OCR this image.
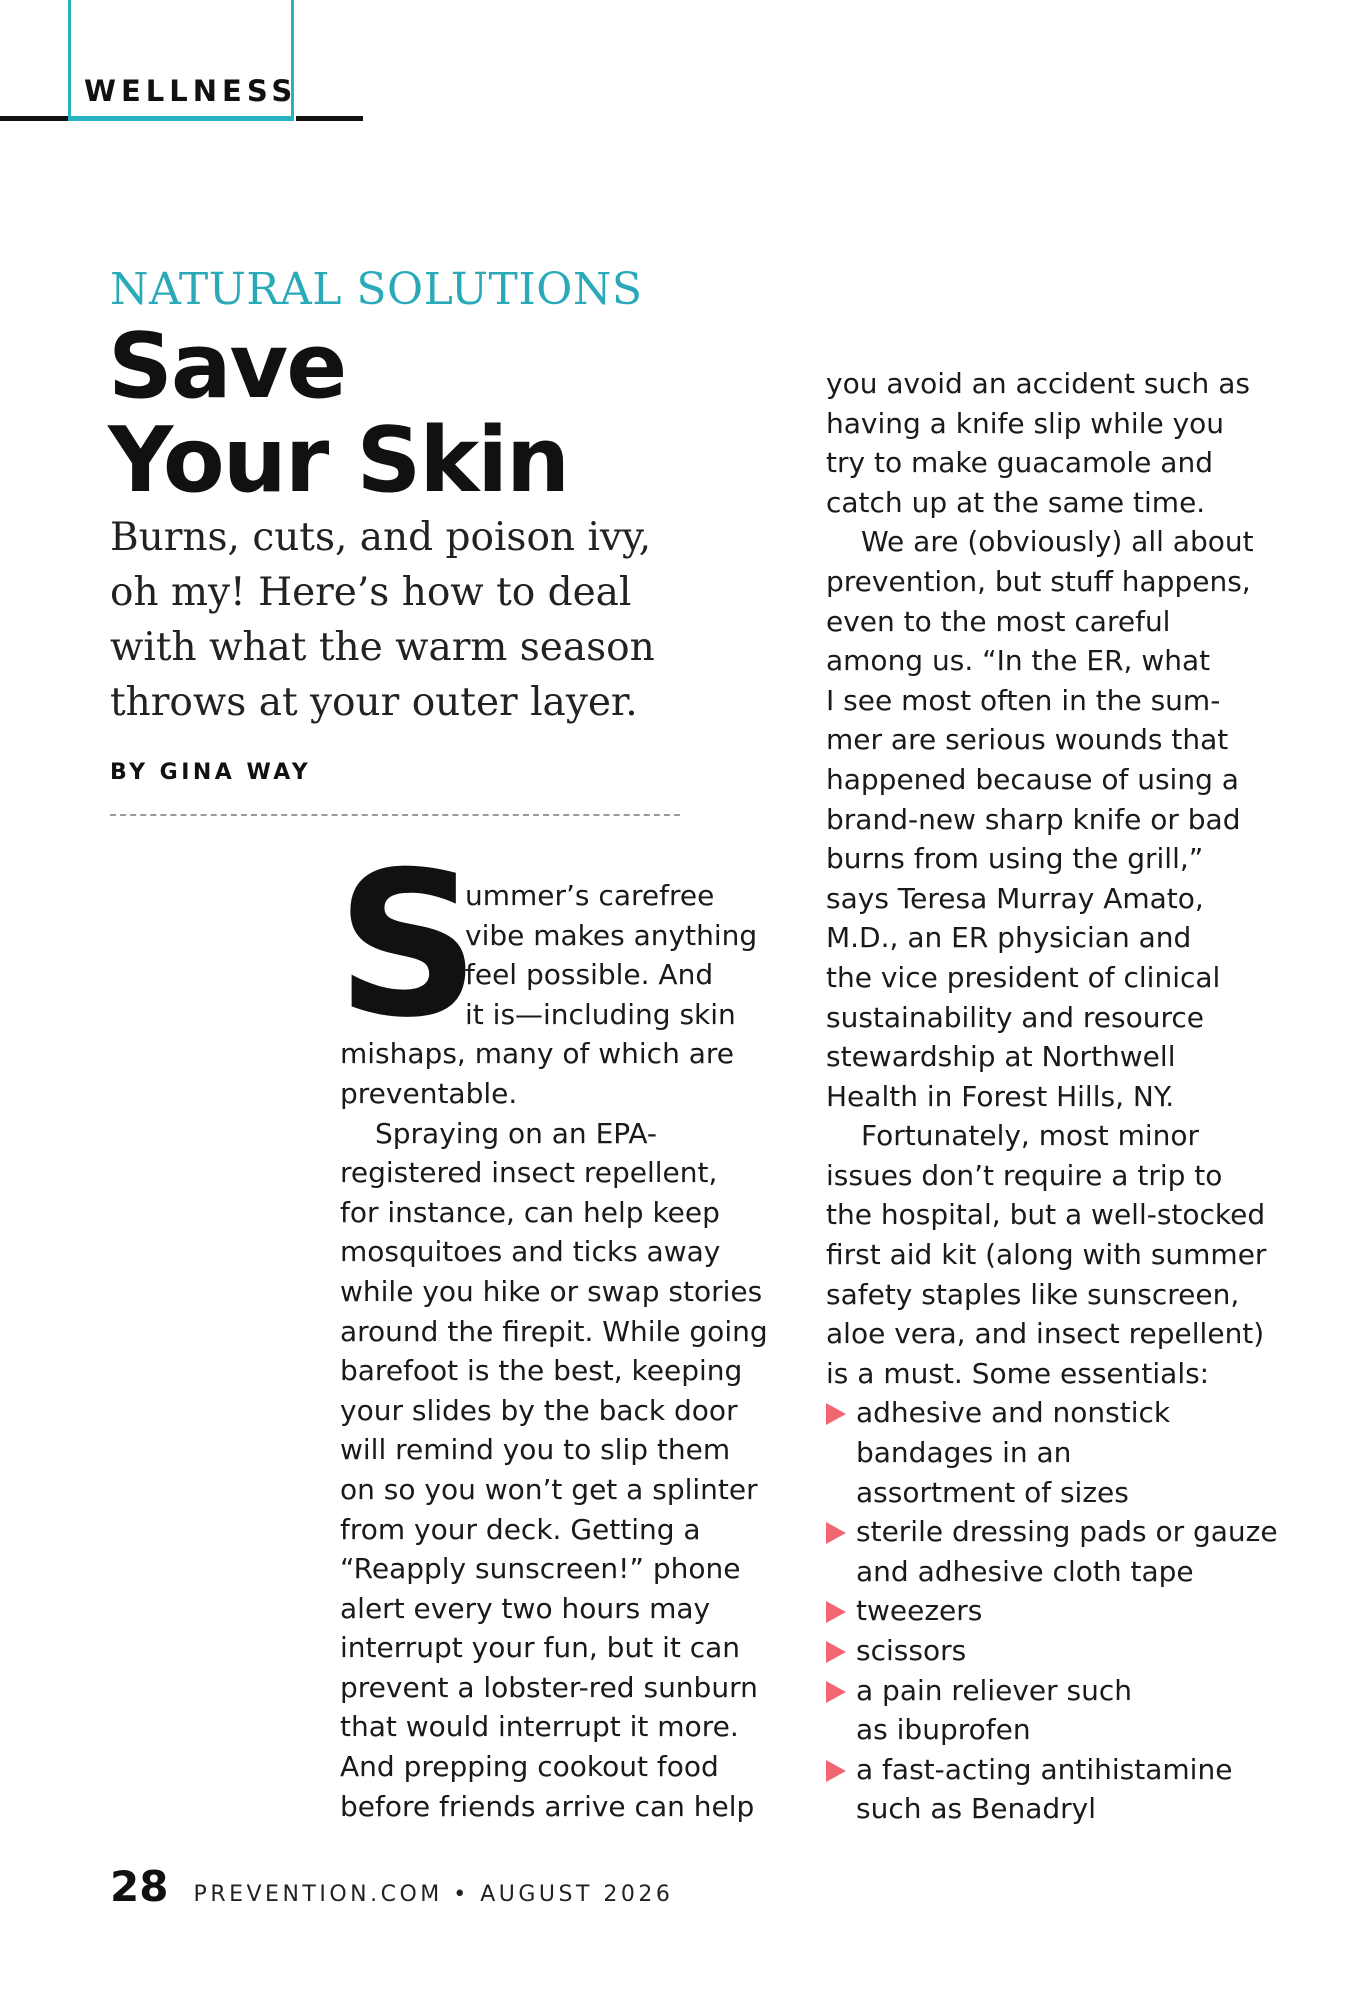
WELLNESS
NATURAL SOLUTIONS
Save
Your Skin

Burns, cuts, and poison ivy,
oh my! Here’s how to deal
with what the warm season
throws at your outer layer.

BY GINA WAY
S
ummer’s carefree
vibe makes anything
feel possible. And
it is—including skin
mishaps, many of which are
preventable.
Spraying on an EPA-
registered insect repellent,
for instance, can help keep
mosquitoes and ticks away
while you hike or swap stories
around the firepit. While going
barefoot is the best, keeping
your slides by the back door
will remind you to slip them
on so you won’t get a splinter
from your deck. Getting a
“Reapply sunscreen!” phone
alert every two hours may
interrupt your fun, but it can
prevent a lobster-red sunburn
that would interrupt it more.
And prepping cookout food
before friends arrive can help
you avoid an accident such as
having a knife slip while you
try to make guacamole and
catch up at the same time.
We are (obviously) all about
prevention, but stuff happens,
even to the most careful
among us. “In the ER, what
I see most often in the sum-
mer are serious wounds that
happened because of using a
brand-new sharp knife or bad
burns from using the grill,”
says Teresa Murray Amato,
M.D., an ER physician and
the vice president of clinical
sustainability and resource
stewardship at Northwell
Health in Forest Hills, NY.
Fortunately, most minor
issues don’t require a trip to
the hospital, but a well-stocked
first aid kit (along with summer
safety staples like sunscreen,
aloe vera, and insect repellent)
is a must. Some essentials:
adhesive and nonstick
bandages in an
assortment of sizes
sterile dressing pads or gauze
and adhesive cloth tape
tweezers
scissors
a pain reliever such
as ibuprofen
a fast-acting antihistamine
such as Benadryl
28 PREVENTION.COM • AUGUST 2026
